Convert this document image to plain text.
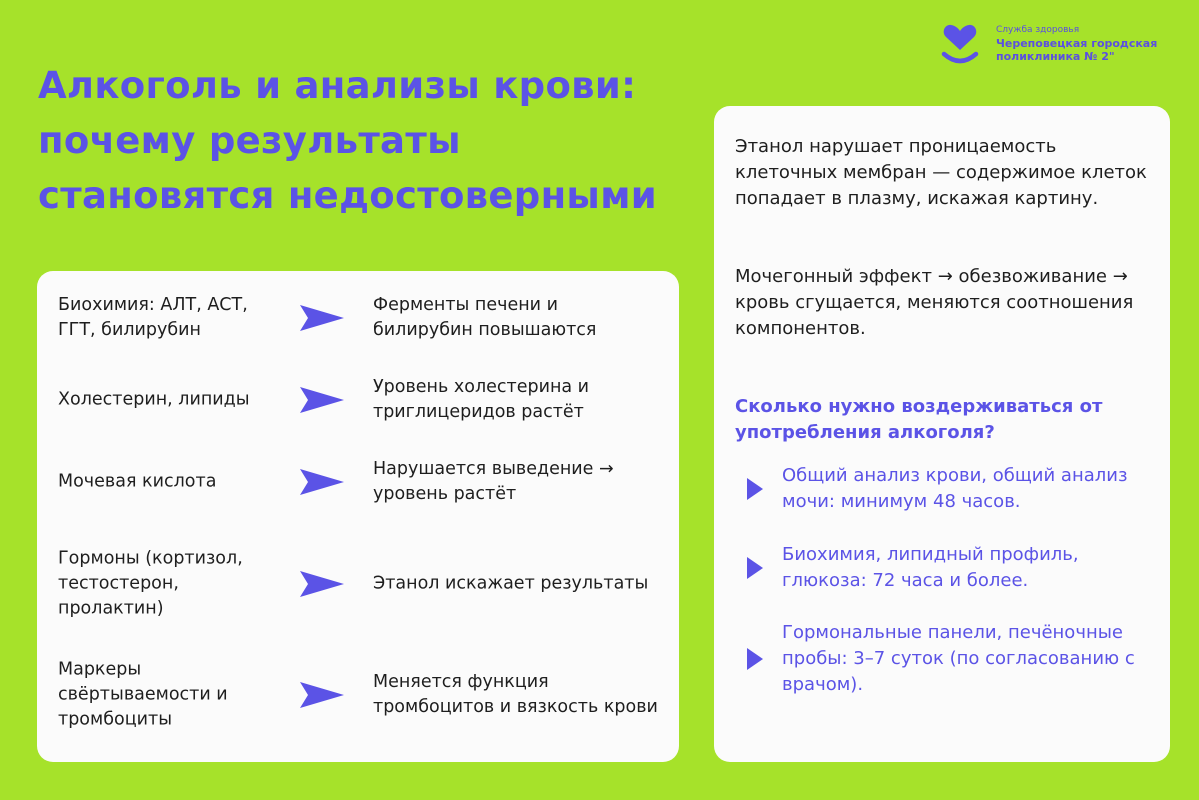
Служба здоровья
Череповецкая городская
поликлиника № 2"
Алкоголь и анализы крови:
почему результаты
становятся недостоверными
Биохимия: АЛТ, АСТ, ГГТ, билирубин
Ферменты печени и билирубин повышаются
Холестерин, липиды
Уровень холестерина и триглицеридов растёт
Мочевая кислота
Нарушается выведение → уровень растёт
Гормоны (кортизол, тестостерон, пролактин)
Этанол искажает результаты
Маркеры свёртываемости и тромбоциты
Меняется функция тромбоцитов и вязкость крови
Этанол нарушает проницаемость клеточных мембран — содержимое клеток попадает в плазму, искажая картину.
Мочегонный эффект → обезвоживание → кровь сгущается, меняются соотношения компонентов.
Сколько нужно воздерживаться от употребления алкоголя?
Общий анализ крови, общий анализ мочи: минимум 48 часов.
Биохимия, липидный профиль, глюкоза: 72 часа и более.
Гормональные панели, печёночные пробы: 3–7 суток (по согласованию с врачом).
